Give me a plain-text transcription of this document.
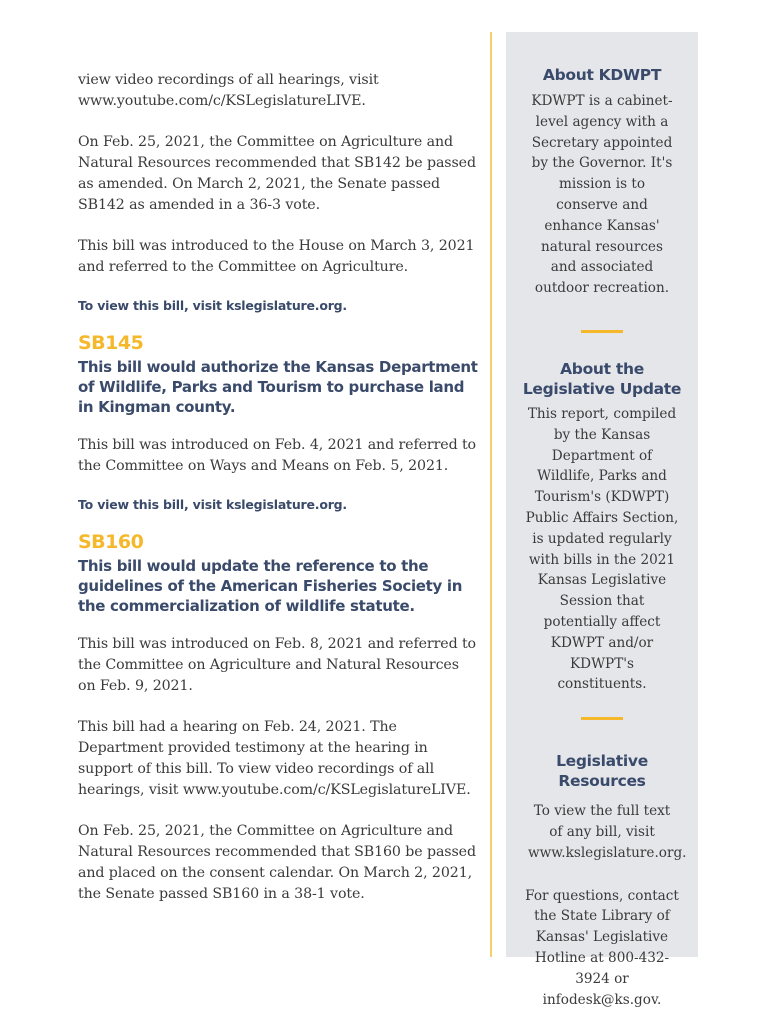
view video recordings of all hearings, visit www.youtube.com/c/KSLegislatureLIVE.

On Feb. 25, 2021, the Committee on Agriculture and Natural Resources recommended that SB142 be passed as amended. On March 2, 2021, the Senate passed SB142 as amended in a 36-3 vote.

This bill was introduced to the House on March 3, 2021 and referred to the Committee on Agriculture.

To view this bill, visit kslegislature.org.

SB145

This bill would authorize the Kansas Department of Wildlife, Parks and Tourism to purchase land in Kingman county.

This bill was introduced on Feb. 4, 2021 and referred to the Committee on Ways and Means on Feb. 5, 2021.

To view this bill, visit kslegislature.org.

SB160

This bill would update the reference to the guidelines of the American Fisheries Society in the commercialization of wildlife statute.

This bill was introduced on Feb. 8, 2021 and referred to the Committee on Agriculture and Natural Resources on Feb. 9, 2021.

This bill had a hearing on Feb. 24, 2021. The Department provided testimony at the hearing in support of this bill. To view video recordings of all hearings, visit www.youtube.com/c/KSLegislatureLIVE.

On Feb. 25, 2021, the Committee on Agriculture and Natural Resources recommended that SB160 be passed and placed on the consent calendar. On March 2, 2021, the Senate passed SB160 in a 38-1 vote.

About KDWPT

KDWPT is a cabinet-level agency with a Secretary appointed by the Governor. It's mission is to conserve and enhance Kansas' natural resources and associated outdoor recreation.

About the Legislative Update

This report, compiled by the Kansas Department of Wildlife, Parks and Tourism's (KDWPT) Public Affairs Section, is updated regularly with bills in the 2021 Kansas Legislative Session that potentially affect KDWPT and/or KDWPT's constituents.

Legislative Resources

To view the full text of any bill, visit www.kslegislature.org.

For questions, contact the State Library of Kansas' Legislative Hotline at 800-432-3924 or infodesk@ks.gov.
